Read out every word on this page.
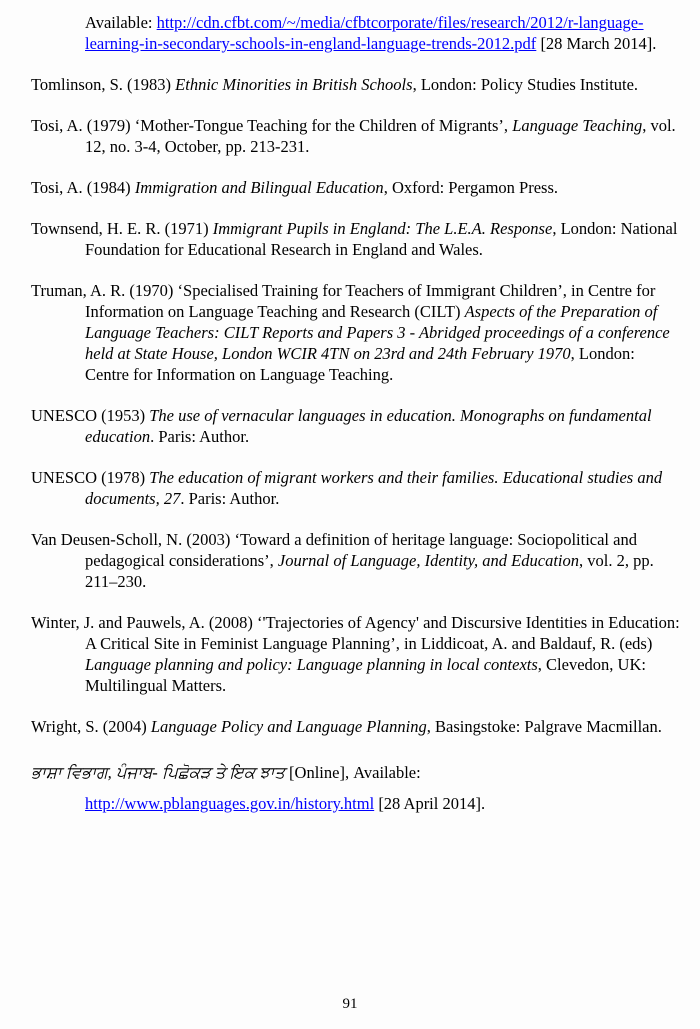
Available: http://cdn.cfbt.com/~/media/cfbtcorporate/files/research/2012/r-language-learning-in-secondary-schools-in-england-language-trends-2012.pdf [28 March 2014].

Tomlinson, S. (1983) Ethnic Minorities in British Schools, London: Policy Studies Institute.

Tosi, A. (1979) ‘Mother-Tongue Teaching for the Children of Migrants’, Language Teaching, vol. 12, no. 3-4, October, pp. 213-231.

Tosi, A. (1984) Immigration and Bilingual Education, Oxford: Pergamon Press.

Townsend, H. E. R. (1971) Immigrant Pupils in England: The L.E.A. Response, London: National Foundation for Educational Research in England and Wales.

Truman, A. R. (1970) ‘Specialised Training for Teachers of Immigrant Children’, in Centre for Information on Language Teaching and Research (CILT) Aspects of the Preparation of Language Teachers: CILT Reports and Papers 3 - Abridged proceedings of a conference held at State House, London WCIR 4TN on 23rd and 24th February 1970, London: Centre for Information on Language Teaching.

UNESCO (1953) The use of vernacular languages in education. Monographs on fundamental education. Paris: Author.

UNESCO (1978) The education of migrant workers and their families. Educational studies and documents, 27. Paris: Author.

Van Deusen-Scholl, N. (2003) ‘Toward a definition of heritage language: Sociopolitical and pedagogical considerations’, Journal of Language, Identity, and Education, vol. 2, pp. 211–230.

Winter, J. and Pauwels, A. (2008) ‘'Trajectories of Agency' and Discursive Identities in Education: A Critical Site in Feminist Language Planning’, in Liddicoat, A. and Baldauf, R. (eds) Language planning and policy: Language planning in local contexts, Clevedon, UK: Multilingual Matters.

Wright, S. (2004) Language Policy and Language Planning, Basingstoke: Palgrave Macmillan.

ਭਾਸ਼ਾ ਵਿਭਾਗ, ਪੰਜਾਬ- ਪਿਛੋਕੜ ਤੇ ਇਕ ਝਾਤ [Online], Available: http://www.pblanguages.gov.in/history.html [28 April 2014].

91
